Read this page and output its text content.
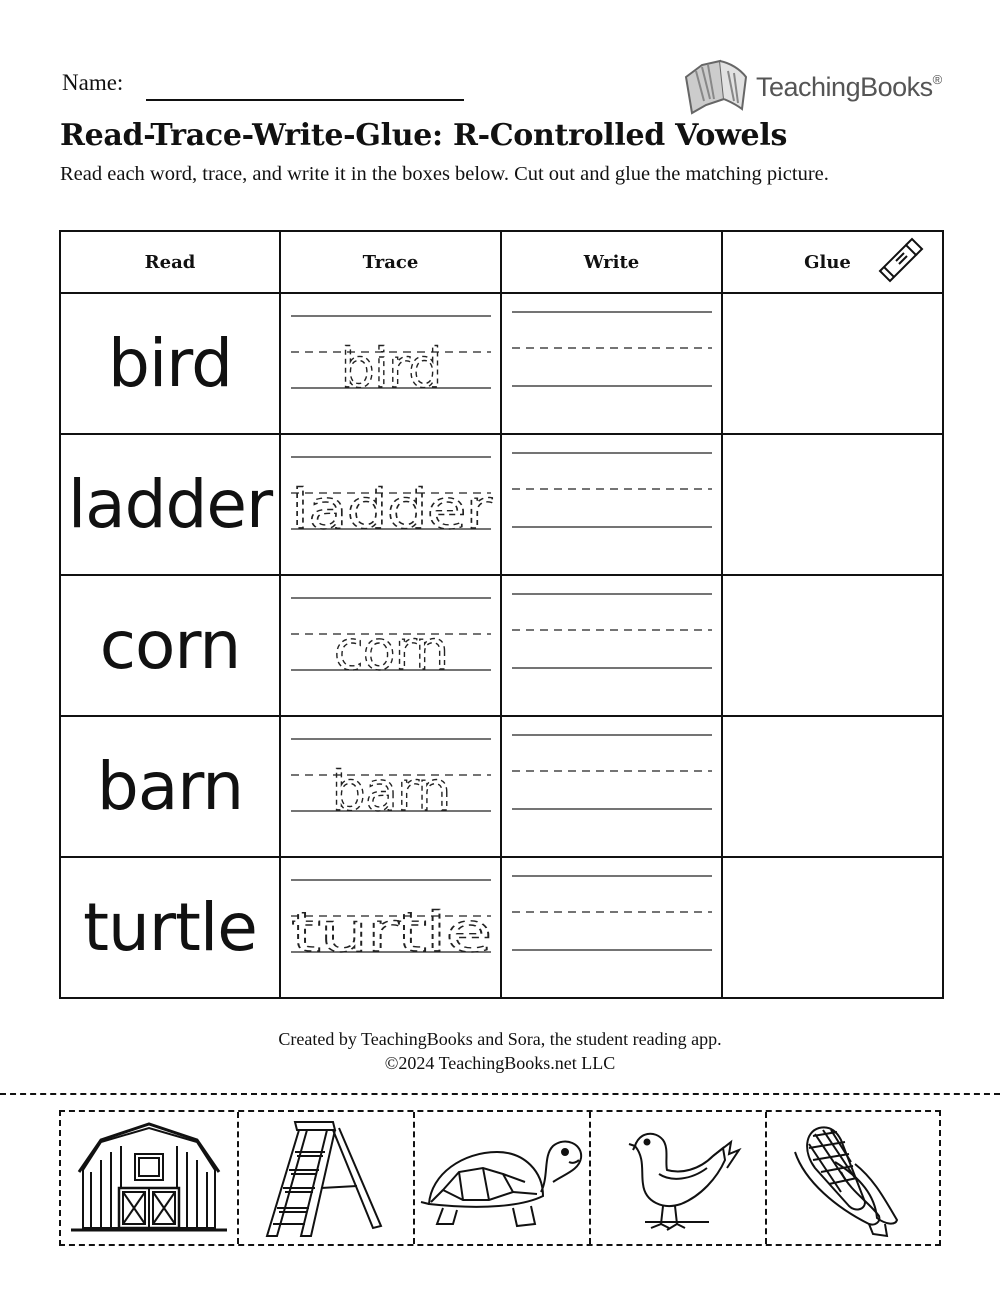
Name:	TeachingBooks®
Read-Trace-Write-Glue: R-Controlled Vowels
Read each word, trace, and write it in the boxes below. Cut out and glue the matching picture.
Read	Trace	Write	Glue

bird	bird

ladder	ladder

corn	corn

barn	barn

turtle	turtle

Created by TeachingBooks and Sora, the student reading app.
©2024 TeachingBooks.net LLC
